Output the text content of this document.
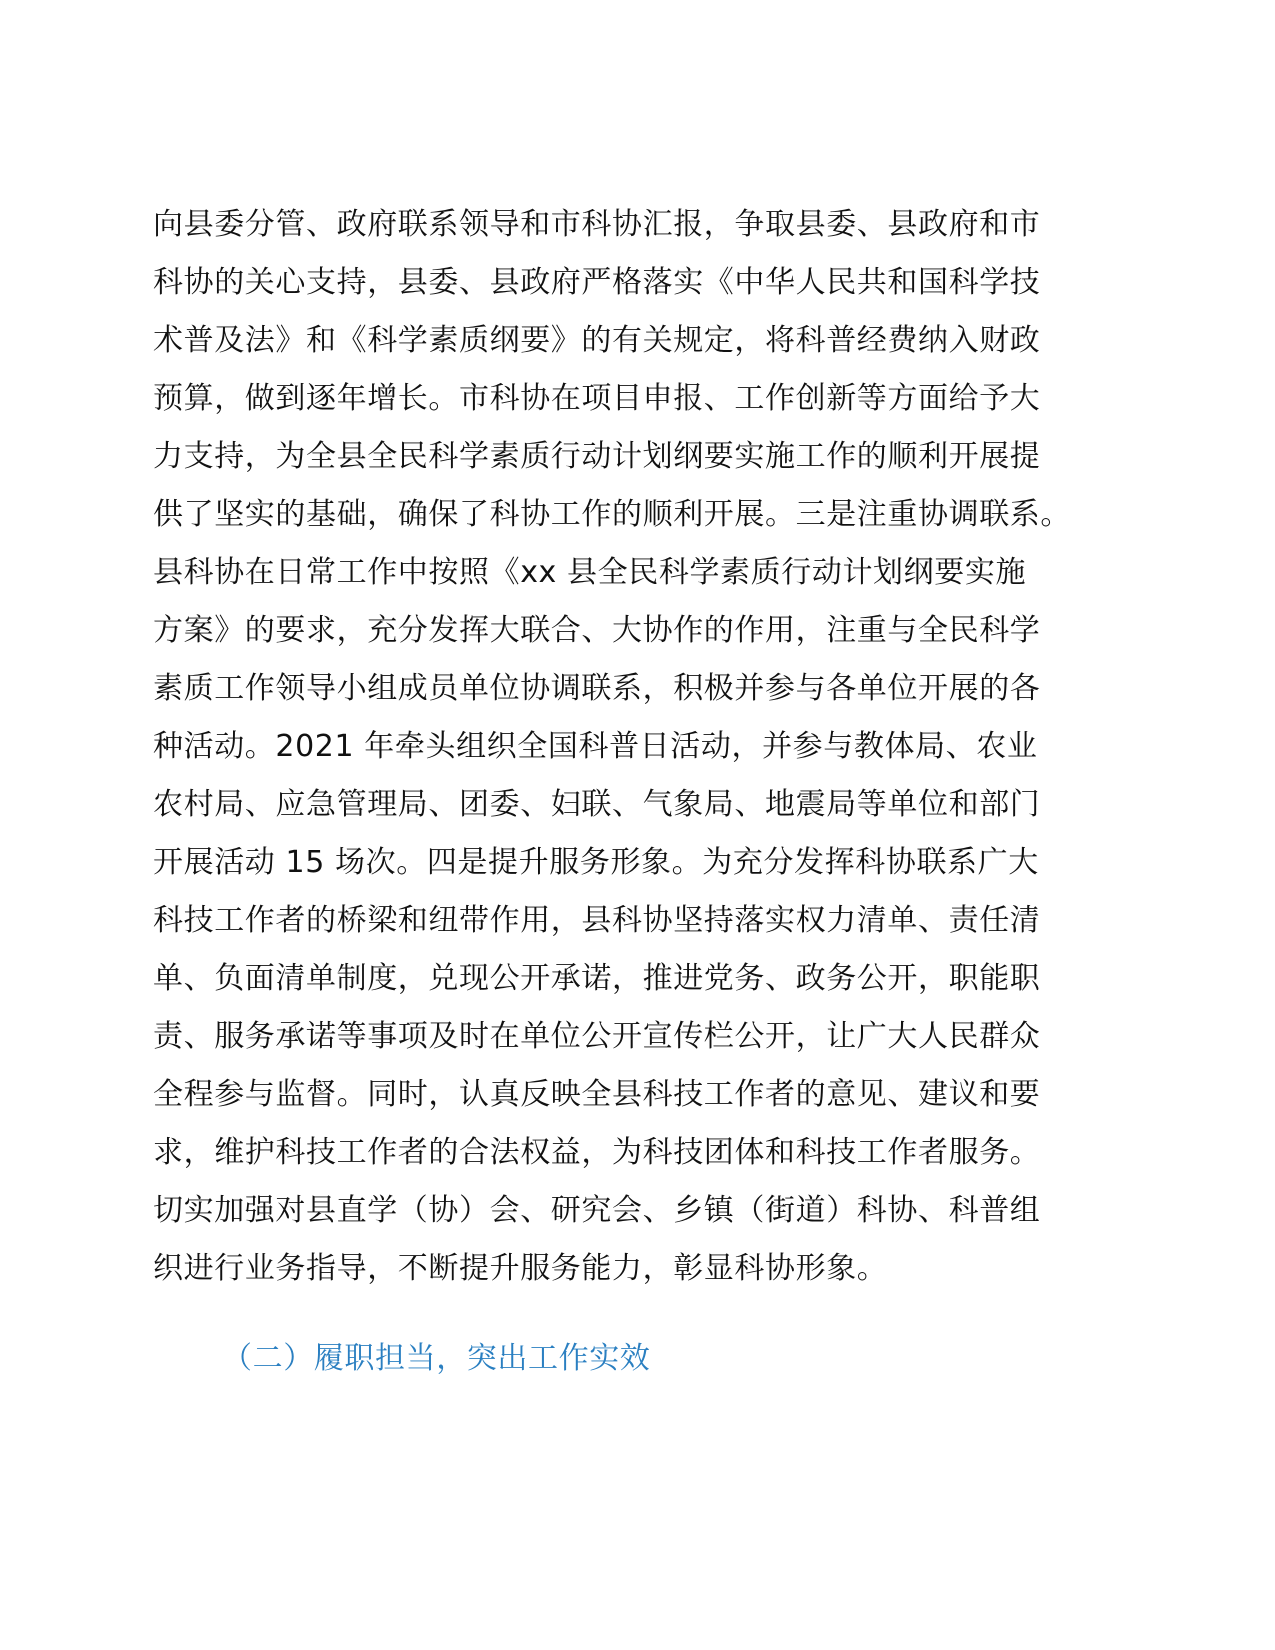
向县委分管、政府联系领导和市科协汇报，争取县委、县政府和市
科协的关心支持，县委、县政府严格落实《中华人民共和国科学技
术普及法》和《科学素质纲要》的有关规定，将科普经费纳入财政
预算，做到逐年增长。市科协在项目申报、工作创新等方面给予大
力支持，为全县全民科学素质行动计划纲要实施工作的顺利开展提
供了坚实的基础，确保了科协工作的顺利开展。三是注重协调联系。
县科协在日常工作中按照《xx 县全民科学素质行动计划纲要实施
方案》的要求，充分发挥大联合、大协作的作用，注重与全民科学
素质工作领导小组成员单位协调联系，积极并参与各单位开展的各
种活动。2021 年牵头组织全国科普日活动，并参与教体局、农业
农村局、应急管理局、团委、妇联、气象局、地震局等单位和部门
开展活动 15 场次。四是提升服务形象。为充分发挥科协联系广大
科技工作者的桥梁和纽带作用，县科协坚持落实权力清单、责任清
单、负面清单制度，兑现公开承诺，推进党务、政务公开，职能职
责、服务承诺等事项及时在单位公开宣传栏公开，让广大人民群众
全程参与监督。同时，认真反映全县科技工作者的意见、建议和要
求，维护科技工作者的合法权益，为科技团体和科技工作者服务。
切实加强对县直学（协）会、研究会、乡镇（街道）科协、科普组
织进行业务指导，不断提升服务能力，彰显科协形象。
（二）履职担当，突出工作实效
